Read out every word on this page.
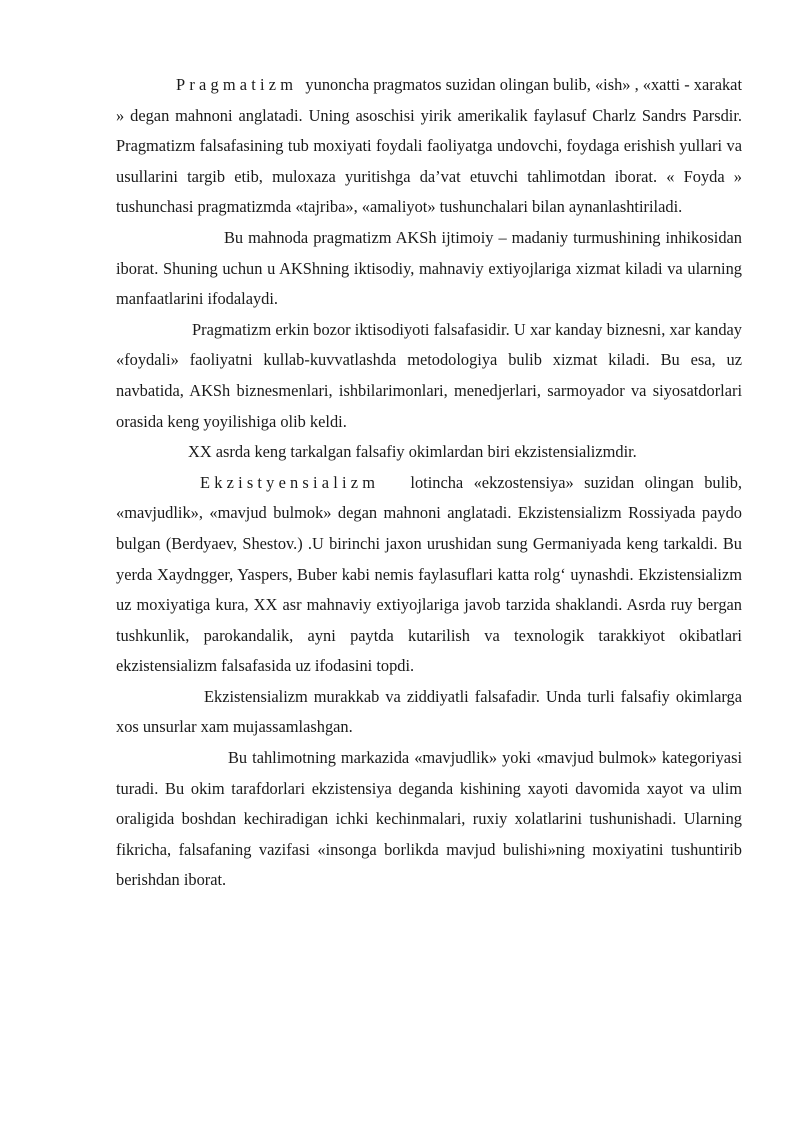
Pragmatizm yunoncha pragmatos suzidan olingan bulib, «ish» , «xatti - xarakat » degan mahnoni anglatadi. Uning asoschisi yirik amerikalik faylasuf Charlz Sandrs Parsdir. Pragmatizm falsafasining tub moxiyati foydali faoliyatga undovchi, foydaga erishish yullari va usullarini targib etib, muloxaza yuritishga da’vat etuvchi tahlimotdan iborat. « Foyda » tushunchasi pragmatizmda «tajriba», «amaliyot» tushunchalari bilan aynanlashtiriladi.

Bu mahnoda pragmatizm AKSh ijtimoiy – madaniy turmushining inhikosidan iborat. Shuning uchun u AKShning iktisodiy, mahnaviy extiyojlariga xizmat kiladi va ularning manfaatlarini ifodalaydi.

Pragmatizm erkin bozor iktisodiyoti falsafasidir. U xar kanday biznesni, xar kanday «foydali» faoliyatni kullab-kuvvatlashda metodologiya bulib xizmat kiladi. Bu esa, uz navbatida, AKSh biznesmenlari, ishbilarimonlari, menedjerlari, sarmoyador va siyosatdorlari orasida keng yoyilishiga olib keldi.

XX asrda keng tarkalgan falsafiy okimlardan biri ekzistensializmdir.

Ekzistyensializm lotincha «ekzostensiya» suzidan olingan bulib, «mavjudlik», «mavjud bulmok» degan mahnoni anglatadi. Ekzistensializm Rossiyada paydo bulgan (Berdyaev, Shestov.) .U birinchi jaxon urushidan sung Germaniyada keng tarkaldi. Bu yerda Xaydngger, Yaspers, Buber kabi nemis faylasuflari katta rolg‘ uynashdi. Ekzistensializm uz moxiyatiga kura, XX asr mahnaviy extiyojlariga javob tarzida shaklandi. Asrda ruy bergan tushkunlik, parokandalik, ayni paytda kutarilish va texnologik tarakkiyot okibatlari ekzistensializm falsafasida uz ifodasini topdi.

Ekzistensializm murakkab va ziddiyatli falsafadir. Unda turli falsafiy okimlarga xos unsurlar xam mujassamlashgan.

Bu tahlimotning markazida «mavjudlik» yoki «mavjud bulmok» kategoriyasi turadi. Bu okim tarafdorlari ekzistensiya deganda kishining xayoti davomida xayot va ulim oraligida boshdan kechiradigan ichki kechinmalari, ruxiy xolatlarini tushunishadi. Ularning fikricha, falsafaning vazifasi «insonga borlikda mavjud bulishi»ning moxiyatini tushuntirib berishdan iborat.
